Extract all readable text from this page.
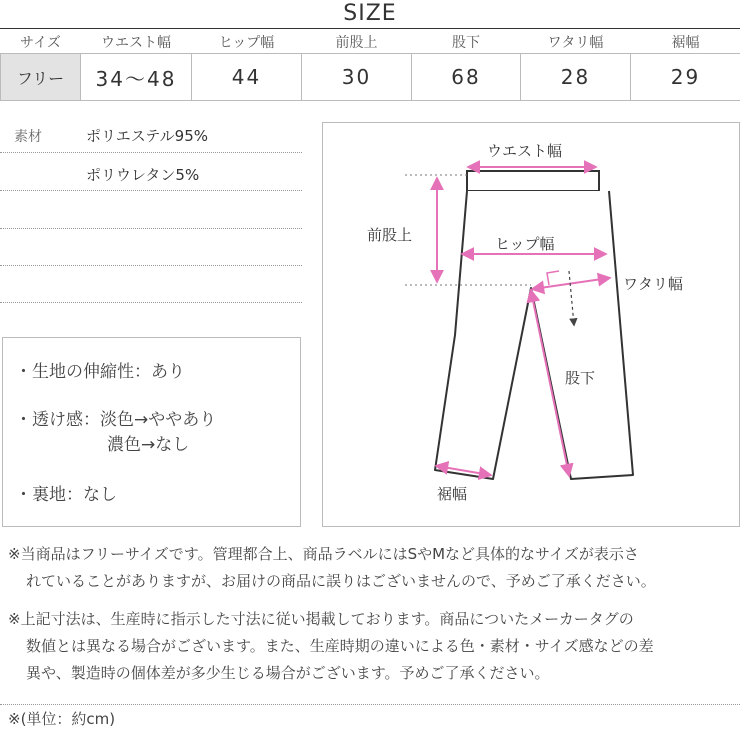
SIZE
サイズ	ウエスト幅	ヒップ幅	前股上	股下	ワタリ幅	裾幅
フリー	34〜48	44	30	68	28	29
素材	ポリエステル95%
ポリウレタン5%
・生地の伸縮性：あり
・透け感：淡色→ややあり
濃色→なし
・裏地：なし
ウエスト幅
前股上	ヒップ幅
ワタリ幅
股下
裾幅
※当商品はフリーサイズです。管理都合上、商品ラベルにはSやMなど具体的なサイズが表示さ
れていることがありますが、お届けの商品に誤りはございませんので、予めご了承ください。
※上記寸法は、生産時に指示した寸法に従い掲載しております。商品についたメーカータグの
数値とは異なる場合がございます。また、生産時期の違いによる色・素材・サイズ感などの差
異や、製造時の個体差が多少生じる場合がございます。予めご了承ください。
※(単位：約cm)
